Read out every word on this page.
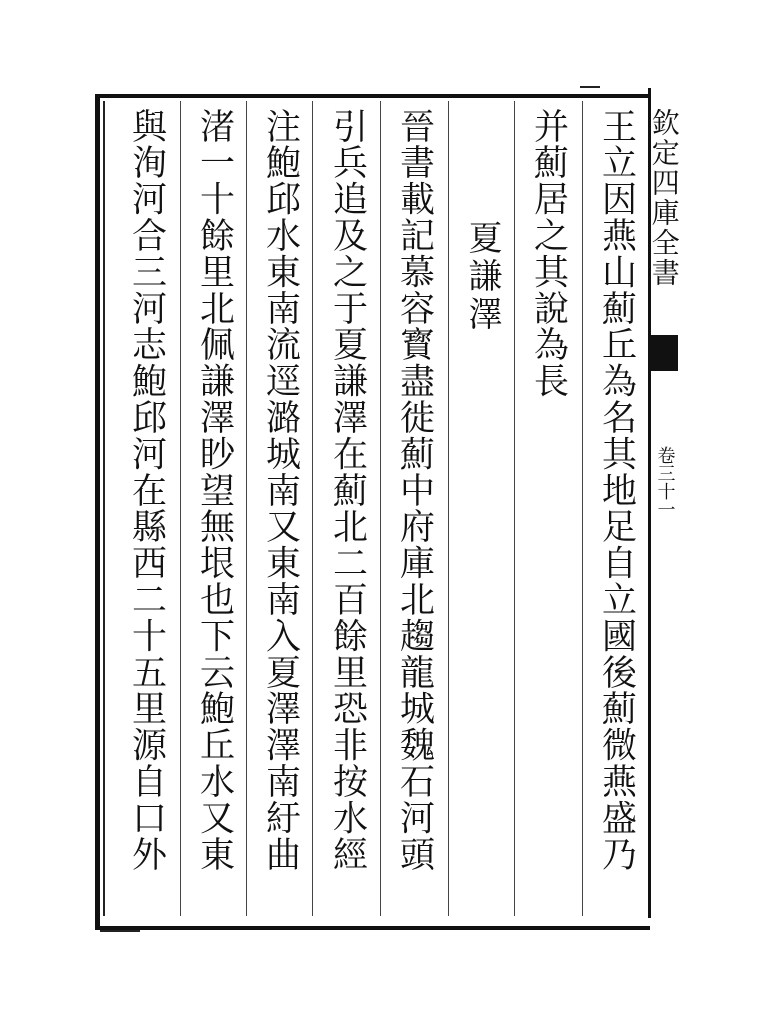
欽定四庫全書
卷三十一
王立因燕山薊丘為名其地足自立國後薊微燕盛乃
并薊居之其說為長
夏謙澤
晉書載記慕容寳盡徙薊中府庫北趨龍城魏石河頭
引兵追及之于夏謙澤在薊北二百餘里恐非按水經
注鮑邱水東南流逕潞城南又東南入夏澤澤南紆曲
渚一十餘里北佩謙澤眇望無垠也下云鮑丘水又東
與洵河合三河志鮑邱河在縣西二十五里源自口外
